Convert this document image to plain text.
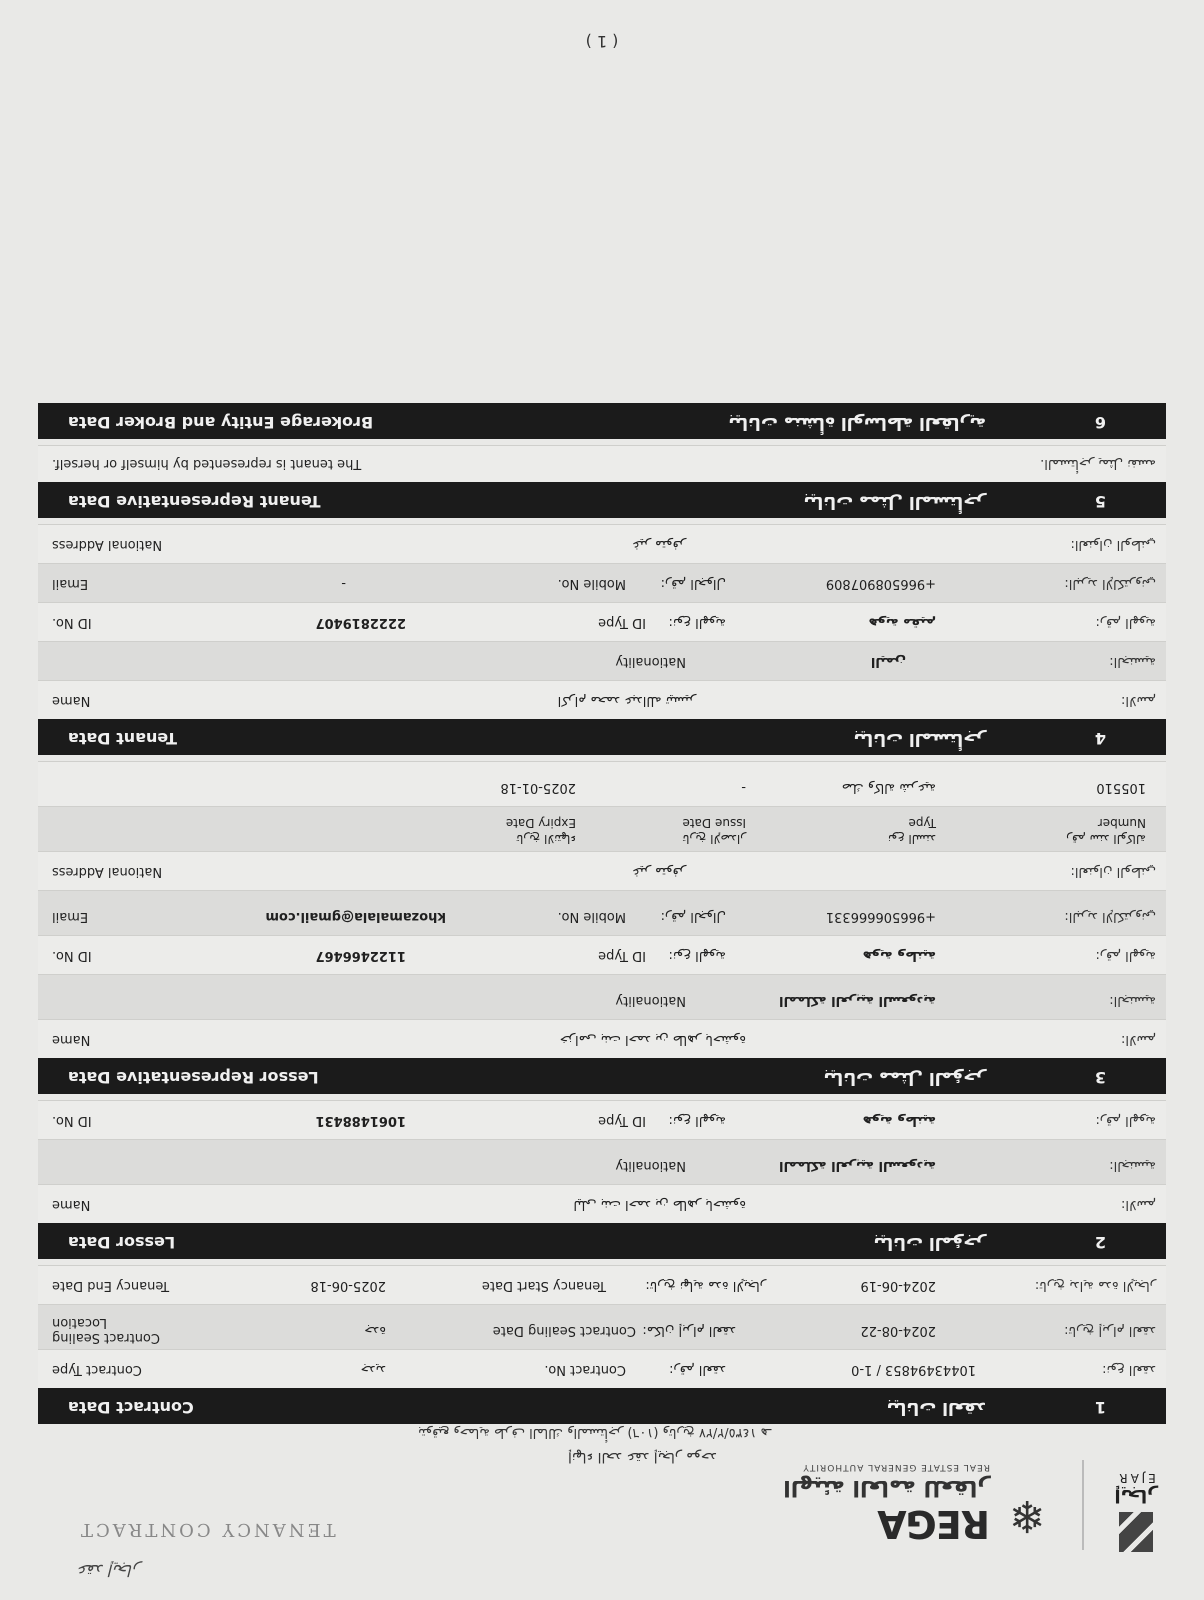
إيجار
EJAR
❄
REGA
الهيئة العامة للعقار
REAL ESTATE GENERAL AUTHORITY
عقد إيجار
TENANCY CONTRACT
إنهاء الحد عقد إيجار موحد
بتوقيع وحماية طرف المالك والمستأجر (١٠٦) وتاريخ ١٤٣٥/٢/٢٧ هـ
1
بيانات العقد
Contract Data
نوع العقد:
10443494853 / 1-0
رقم العقد:
Contract No.
جديد
Contract Type
تاريخ إبرام العقد:
2024-08-22
مكان إبرام العقد:
Contract Sealing Date
جدة
Contract Sealing Location
تاريخ بداية مدة الإيجار:
2024-06-19
تاريخ نهاية مدة الإيجار:
Tenancy Start Date
2025-06-18
Tenancy End Date
2
بيانات المؤجر
Lessor Data
الاسم:
ليلى بنت احمد بن طاهر باحشوة
Name
الجنسية:
المملكة العربية السعودية
Nationality
رقم الهوية:
هوية وطنية
نوع الهوية:
ID Type
1061488431
ID No.
3
بيانات ممثل المؤجر
Lessor Representative Data
الاسم:
خزامى بنت احمد بن طاهر باحشوة
Name
الجنسية:
المملكة العربية السعودية
Nationality
رقم الهوية:
هوية وطنية
نوع الهوية:
ID Type
1122466467
ID No.
البريد الإلكتروني:
+966506666331
رقم الجوال:
Mobile No.
khozamalala@gmail.com
Email
العنوان الوطني:
غير متوفر
National Address
رقم سند الوكالة
Number
نوع السند
Type
تاريخ الإصدار
Issue Date
تاريخ الانتهاء
Expiry Date
105510
صك وكالة شرعية
-
2025-01-18
4
بيانات المستأجر
Tenant Data
الاسم:
اكرام محمد عبدالله تيسير
Name
الجنسية:
اليمن
Nationality
رقم الهوية:
هوية مقيم
نوع الهوية:
ID Type
2222819407
ID No.
البريد الإلكتروني:
+966508907809
رقم الجوال:
Mobile No.
-
Email
العنوان الوطني:
غير متوفر
National Address
5
بيانات ممثل المستأجر
Tenant Representative Data
المستأجر يمثل نفسه.
The tenant is represented by himself or herself.
6
بيانات منشأة الوساطة العقارية
Brokerage Entity and Broker Data
( 1 )
